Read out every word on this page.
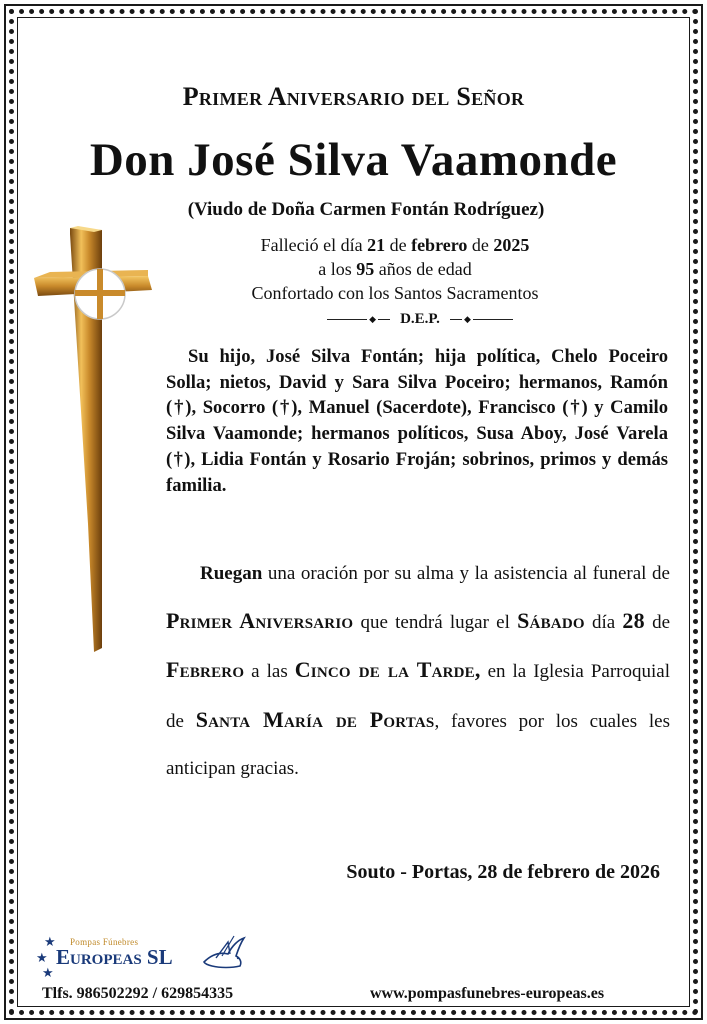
Primer Aniversario del Señor
Don José Silva Vaamonde
(Viudo de Doña Carmen Fontán Rodríguez)
Falleció el día 21 de febrero de 2025
a los 95 años de edad
Confortado con los Santos Sacramentos
◆ D.E.P.	◆
Su hijo, José Silva Fontán; hija política, Chelo Poceiro Solla; nietos, David y Sara Silva Poceiro; hermanos, Ramón (†), Socorro (†), Manuel (Sacerdote), Francisco (†) y Camilo Silva Vaamonde; hermanos políticos, Susa Aboy, José Varela (†), Lidia Fontán y Rosario Froján; sobrinos, primos y demás familia.
Ruegan una oración por su alma y la asistencia al funeral de Primer Aniversario que tendrá lugar el Sábado día 28 de Febrero a las Cinco de la Tarde, en la Iglesia Parroquial de Santa María de Portas, favores por los cuales les anticipan gracias.
Souto - Portas, 28 de febrero de 2026
★
★
★
Pompas Fúnebres
Europeas SL
Tlfs. 986502292 / 629854335	www.pompasfunebres-europeas.es
